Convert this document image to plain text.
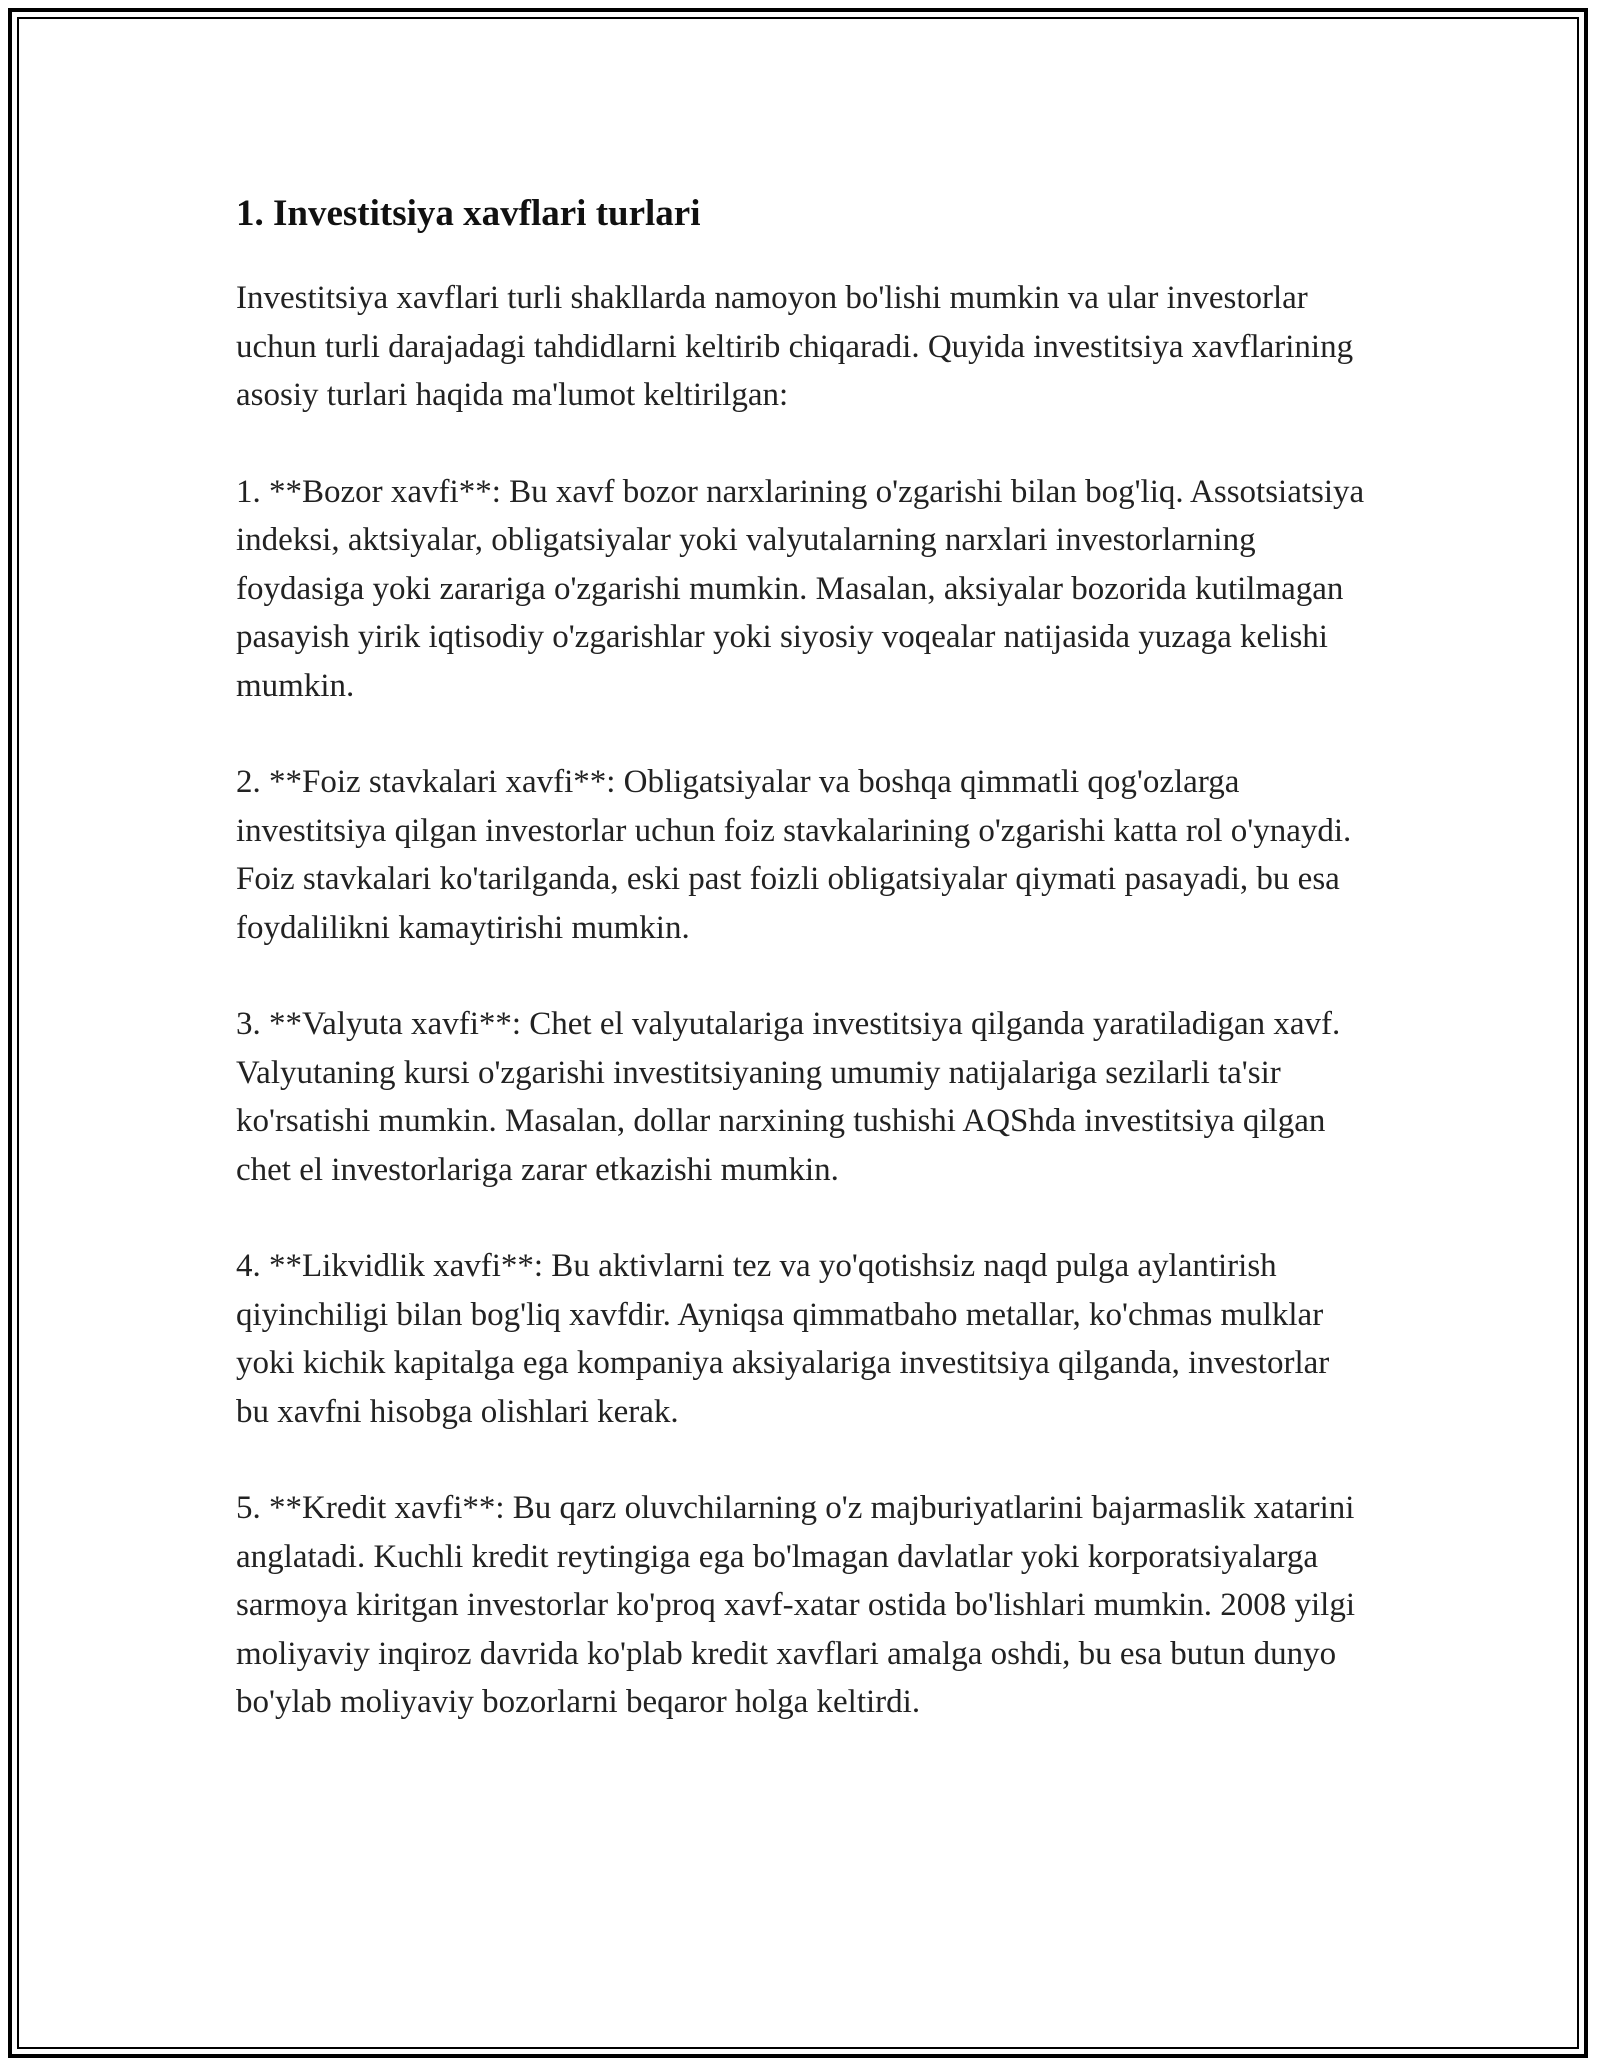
1. Investitsiya xavflari turlari

Investitsiya xavflari turli shakllarda namoyon bo'lishi mumkin va ular investorlar uchun turli darajadagi tahdidlarni keltirib chiqaradi. Quyida investitsiya xavflarining asosiy turlari haqida ma'lumot keltirilgan:

1. **Bozor xavfi**: Bu xavf bozor narxlarining o'zgarishi bilan bog'liq. Assotsiatsiya indeksi, aktsiyalar, obligatsiyalar yoki valyutalarning narxlari investorlarning foydasiga yoki zarariga o'zgarishi mumkin. Masalan, aksiyalar bozorida kutilmagan pasayish yirik iqtisodiy o'zgarishlar yoki siyosiy voqealar natijasida yuzaga kelishi mumkin.

2. **Foiz stavkalari xavfi**: Obligatsiyalar va boshqa qimmatli qog'ozlarga investitsiya qilgan investorlar uchun foiz stavkalarining o'zgarishi katta rol o'ynaydi. Foiz stavkalari ko'tarilganda, eski past foizli obligatsiyalar qiymati pasayadi, bu esa foydalilikni kamaytirishi mumkin.

3. **Valyuta xavfi**: Chet el valyutalariga investitsiya qilganda yaratiladigan xavf. Valyutaning kursi o'zgarishi investitsiyaning umumiy natijalariga sezilarli ta'sir ko'rsatishi mumkin. Masalan, dollar narxining tushishi AQShda investitsiya qilgan chet el investorlariga zarar etkazishi mumkin.

4. **Likvidlik xavfi**: Bu aktivlarni tez va yo'qotishsiz naqd pulga aylantirish qiyinchiligi bilan bog'liq xavfdir. Ayniqsa qimmatbaho metallar, ko'chmas mulklar yoki kichik kapitalga ega kompaniya aksiyalariga investitsiya qilganda, investorlar bu xavfni hisobga olishlari kerak.

5. **Kredit xavfi**: Bu qarz oluvchilarning o'z majburiyatlarini bajarmaslik xatarini anglatadi. Kuchli kredit reytingiga ega bo'lmagan davlatlar yoki korporatsiyalarga sarmoya kiritgan investorlar ko'proq xavf-xatar ostida bo'lishlari mumkin. 2008 yilgi moliyaviy inqiroz davrida ko'plab kredit xavflari amalga oshdi, bu esa butun dunyo bo'ylab moliyaviy bozorlarni beqaror holga keltirdi.
